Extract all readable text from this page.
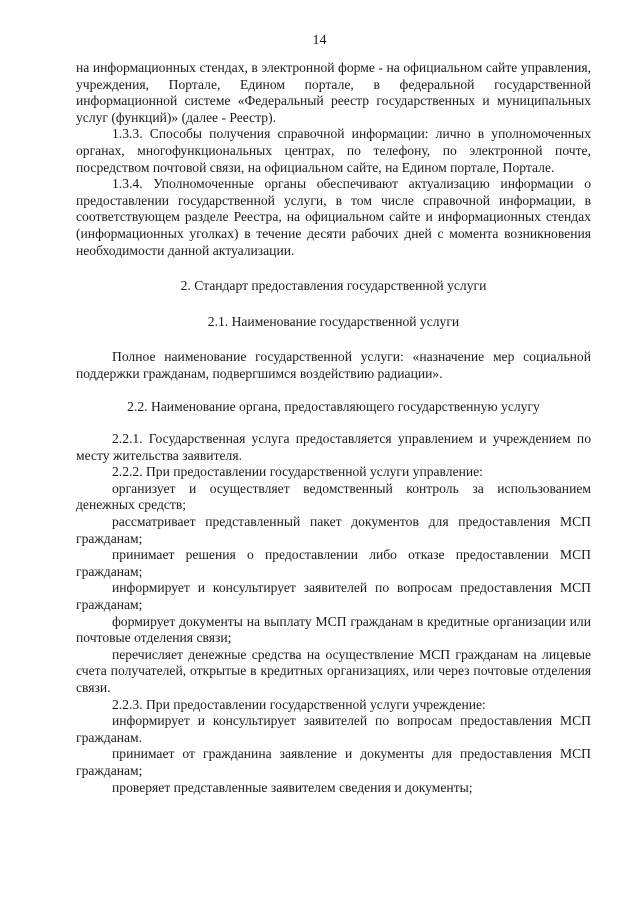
14

на информационных стендах, в электронной форме - на официальном сайте управления, учреждения, Портале, Едином портале, в федеральной государственной информационной системе «Федеральный реестр государственных и муниципальных услуг (функций)» (далее - Реестр).

1.3.3. Способы получения справочной информации: лично в уполномоченных органах, многофункциональных центрах, по телефону, по электронной почте, посредством почтовой связи, на официальном сайте, на Едином портале, Портале.

1.3.4. Уполномоченные органы обеспечивают актуализацию информации о предоставлении государственной услуги, в том числе справочной информации, в соответствующем разделе Реестра, на официальном сайте и информационных стендах (информационных уголках) в течение десяти рабочих дней с момента возникновения необходимости данной актуализации.

2. Стандарт предоставления государственной услуги

2.1. Наименование государственной услуги

Полное наименование государственной услуги: «назначение мер социальной поддержки гражданам, подвергшимся воздействию радиации».

2.2. Наименование органа, предоставляющего государственную услугу

2.2.1. Государственная услуга предоставляется управлением и учреждением по месту жительства заявителя.

2.2.2. При предоставлении государственной услуги управление:

организует и осуществляет ведомственный контроль за использованием денежных средств;

рассматривает представленный пакет документов для предоставления МСП гражданам;

принимает решения о предоставлении либо отказе предоставлении МСП гражданам;

информирует и консультирует заявителей по вопросам предоставления МСП гражданам;

формирует документы на выплату МСП гражданам в кредитные организации или почтовые отделения связи;

перечисляет денежные средства на осуществление МСП гражданам на лицевые счета получателей, открытые в кредитных организациях, или через почтовые отделения связи.

2.2.3. При предоставлении государственной услуги учреждение:

информирует и консультирует заявителей по вопросам предоставления МСП гражданам.

принимает от гражданина заявление и документы для предоставления МСП гражданам;

проверяет представленные заявителем сведения и документы;
